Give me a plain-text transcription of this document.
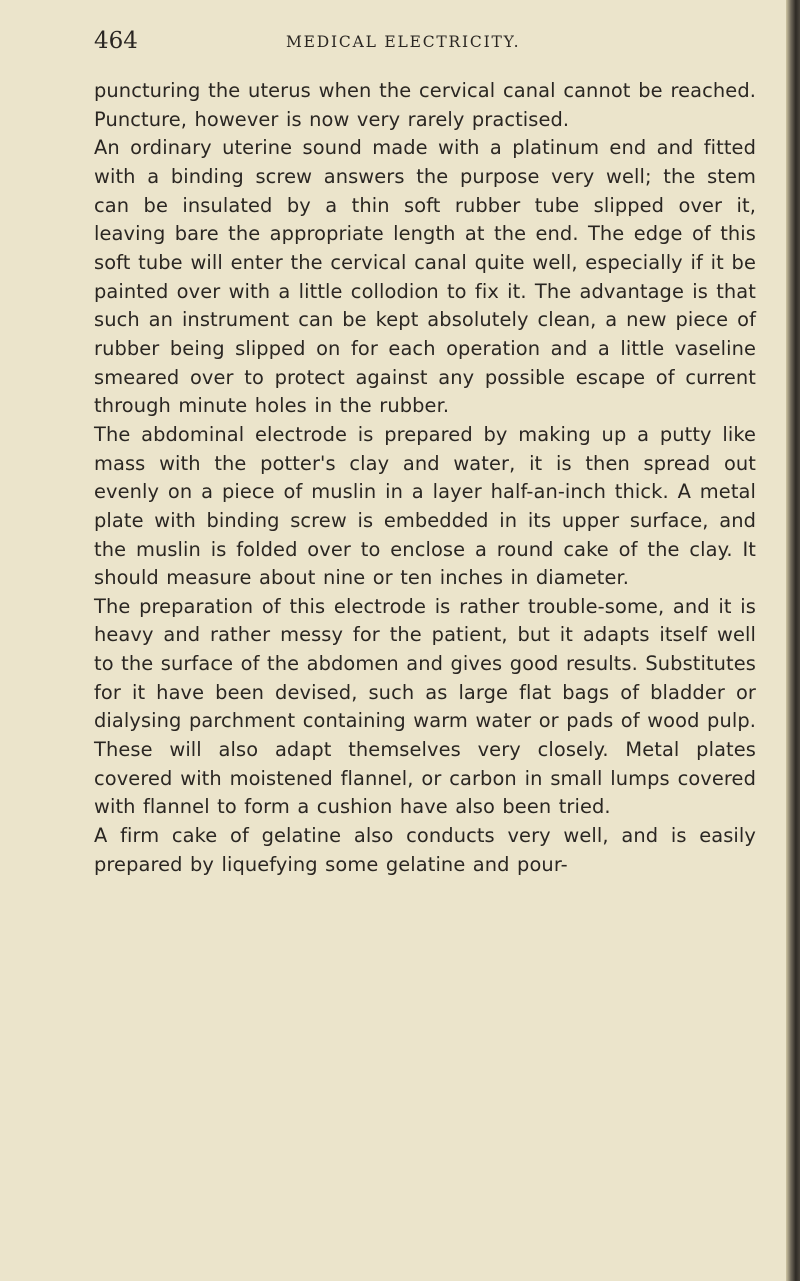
464	MEDICAL ELECTRICITY.

puncturing the uterus when the cervical canal cannot be reached. Puncture, however is now very rarely practised.

An ordinary uterine sound made with a platinum end and fitted with a binding screw answers the purpose very well; the stem can be insulated by a thin soft rubber tube slipped over it, leaving bare the appropriate length at the end. The edge of this soft tube will enter the cervical canal quite well, especially if it be painted over with a little collodion to fix it. The advantage is that such an instrument can be kept absolutely clean, a new piece of rubber being slipped on for each operation and a little vaseline smeared over to protect against any possible escape of current through minute holes in the rubber.

The abdominal electrode is prepared by making up a putty like mass with the potter's clay and water, it is then spread out evenly on a piece of muslin in a layer half-an-inch thick. A metal plate with binding screw is embedded in its upper surface, and the muslin is folded over to enclose a round cake of the clay. It should measure about nine or ten inches in diameter.

The preparation of this electrode is rather trouble-some, and it is heavy and rather messy for the patient, but it adapts itself well to the surface of the abdomen and gives good results. Substitutes for it have been devised, such as large flat bags of bladder or dialysing parchment containing warm water or pads of wood pulp. These will also adapt themselves very closely. Metal plates covered with moistened flannel, or carbon in small lumps covered with flannel to form a cushion have also been tried.

A firm cake of gelatine also conducts very well, and is easily prepared by liquefying some gelatine and pour-
